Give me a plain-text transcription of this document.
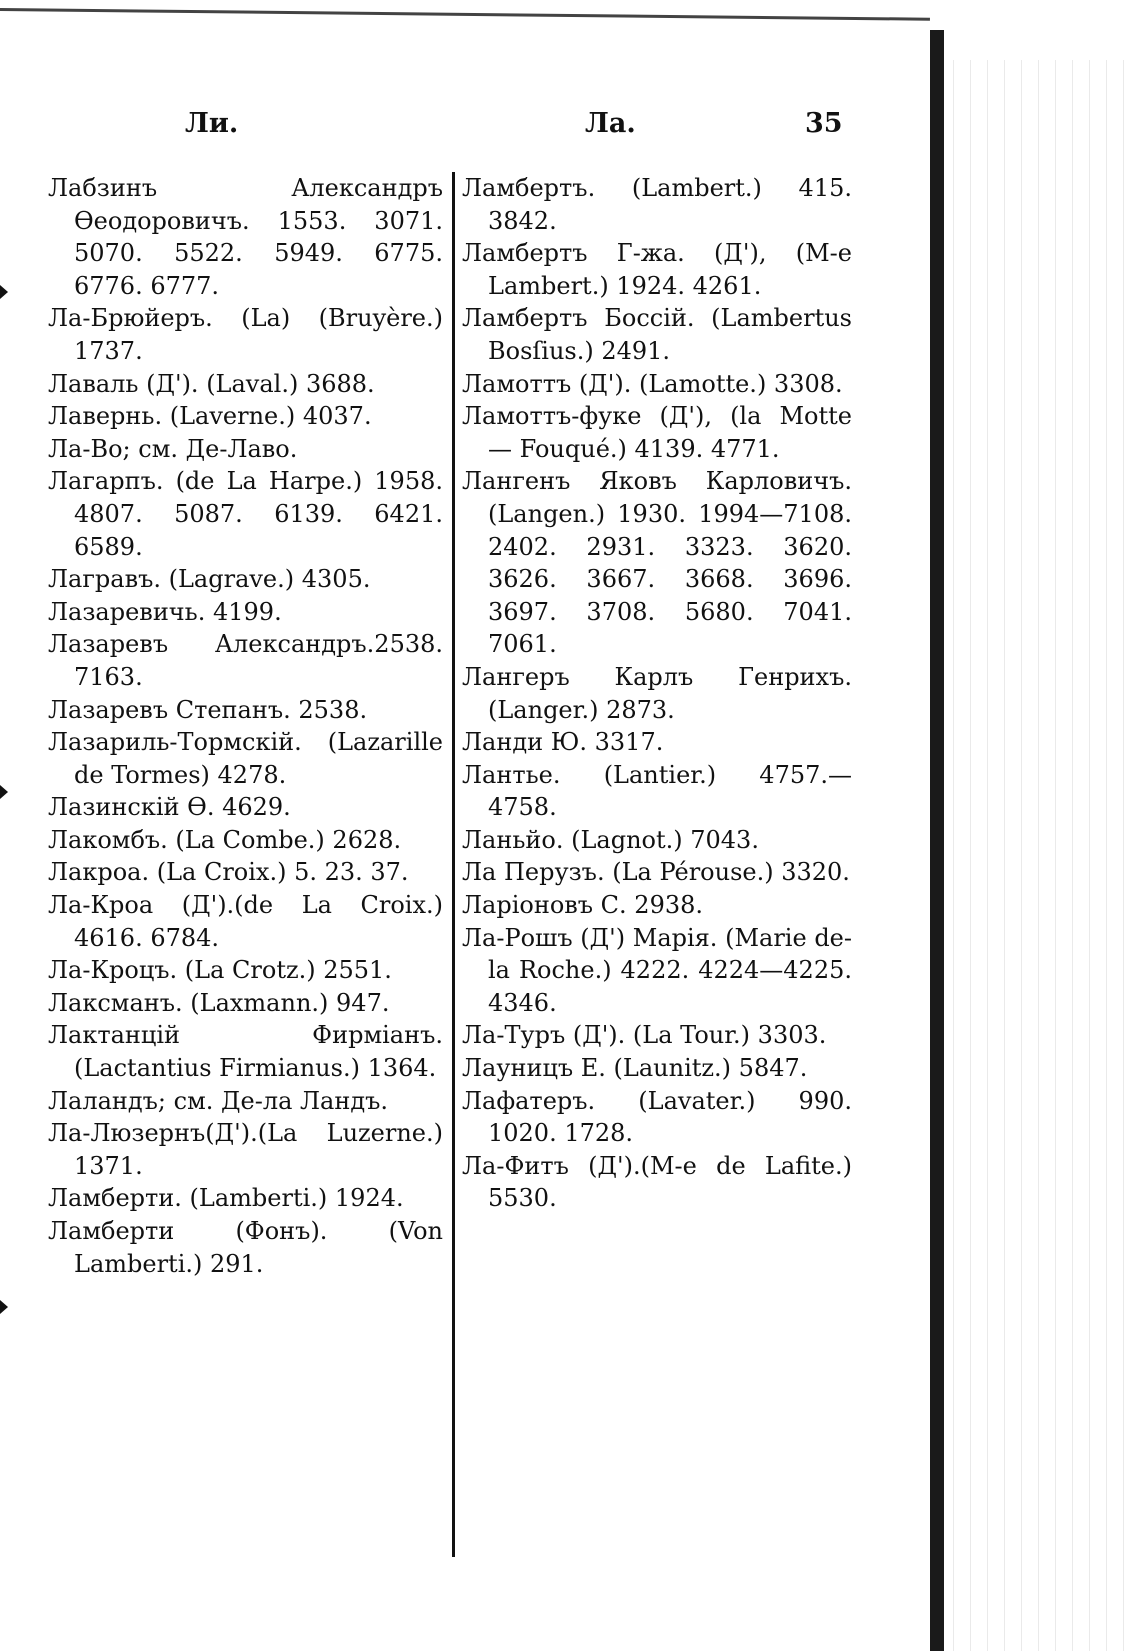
Ли.	Ла.	35

Лабзинъ Александръ Ѳеодоровичъ. 1553. 3071. 5070. 5522. 5949. 6775. 6776. 6777.

Ла-Брюйеръ. (La) (Bruyère.) 1737.

Лаваль (Д'). (Laval.) 3688.

Лавернь. (Laverne.) 4037.

Ла-Во; см. Де-Лаво.

Лагарпъ. (de La Harpe.) 1958. 4807. 5087. 6139. 6421. 6589.

Лагравъ. (Lagrave.) 4305.

Лазаревичь. 4199.

Лазаревъ Александръ.2538. 7163.

Лазаревъ Степанъ. 2538.

Лазариль-Тормскій. (Lazarille de Tormes) 4278.

Лазинскій Ѳ. 4629.

Лакомбъ. (La Combe.) 2628.

Лакроа. (La Croix.) 5. 23. 37.

Ла-Кроа (Д').(de La Croix.) 4616. 6784.

Ла-Кроцъ. (La Crotz.) 2551.

Лаксманъ. (Laxmann.) 947.

Лактанцій Фирміанъ. (Lactantius Firmianus.) 1364.

Лаландъ; см. Де-ла Ландъ.

Ла-Люзернъ(Д').(La Luzerne.) 1371.

Ламберти. (Lamberti.) 1924.

Ламберти (Фонъ). (Von Lamberti.) 291.

Ламбертъ. (Lambert.) 415. 3842.

Ламбертъ Г-жа. (Д'), (M-e Lambert.) 1924. 4261.

Ламбертъ Боссій. (Lambertus Bosſius.) 2491.

Ламоттъ (Д'). (Lamotte.) 3308.

Ламоттъ-фуке (Д'), (la Motte — Fouqué.) 4139. 4771.

Лангенъ Яковъ Карловичъ. (Langen.) 1930. 1994—7108. 2402. 2931. 3323. 3620. 3626. 3667. 3668. 3696. 3697. 3708. 5680. 7041. 7061.

Лангеръ Карлъ Генрихъ. (Langer.) 2873.

Ланди Ю. 3317.

Лантье. (Lantier.) 4757.— 4758.

Ланьйо. (Lagnot.) 7043.

Ла Перузъ. (La Pérouse.) 3320.

Ларіоновъ С. 2938.

Ла-Рошъ (Д') Марія. (Marie de-la Roche.) 4222. 4224—4225. 4346.

Ла-Туръ (Д'). (La Tour.) 3303.

Лауницъ Е. (Launitz.) 5847.

Лафатеръ. (Lavater.) 990. 1020. 1728.

Ла-Фитъ (Д').(M-e de Lafite.) 5530.
